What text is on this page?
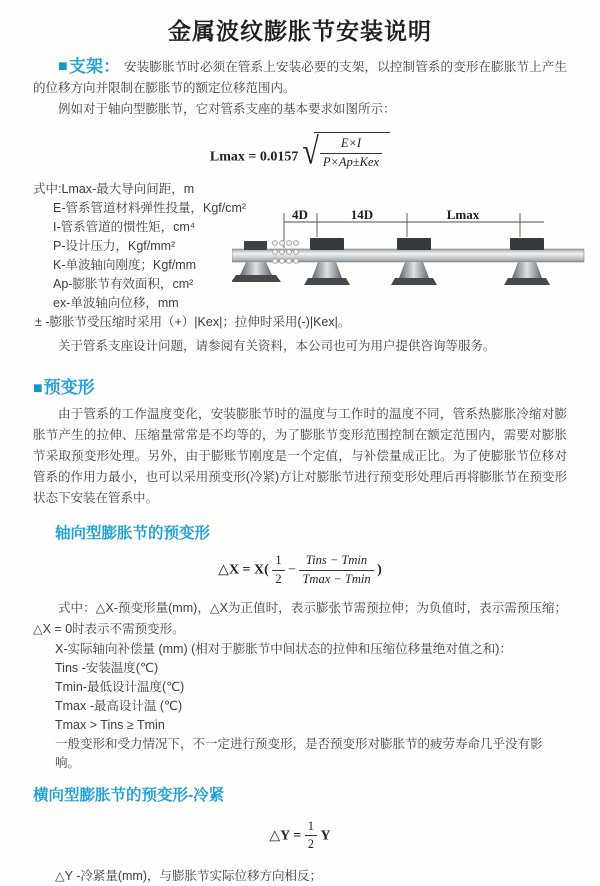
金属波纹膨胀节安装说明

■支架： 安装膨胀节时必须在管系上安装必要的支架，以控制管系的变形在膨胀节上产生的位移方向并限制在膨胀节的额定位移范围内。

例如对于轴向型膨胀节，它对管系支座的基本要求如图所示：

Lmax = 0.0157 √ $\frac{E\times I}{\text{P×Ap±Kex}}$
式中:Lmax-最大导向间距，m
E-管系管道材料弹性投量，Kgf/cm²
I-管系管道的惯性矩，cm⁴
P-设计压力，Kgf/mm²
K-单波轴向刚度；Kgf/mm
Ap-膨胀节有效面积，cm²
ex-单波轴向位移，mm
± -膨胀节受压缩时采用（+）|Kex|；拉伸时采用(-)|Kex|。
4D	14D	Lmax

关于管系支座设计问题，请参阅有关资料，本公司也可为用户提供咨询等服务。

■预变形

由于管系的工作温度变化，安装膨胀节时的温度与工作时的温度不同，管系热膨胀冷缩对膨胀节产生的拉伸、压缩量常常是不均等的，为了膨胀节变形范围控制在额定范围内，需要对膨胀节采取预变形处理。另外，由于膨账节刚度是一个定值，与补偿量成正比。为了使膨胀节位移对管系的作用力最小，也可以采用预变形(冷紧)方让对膨胀节进行预变形处理后再将膨胀节在预变形状态下安装在管系中。

轴向型膨胀节的预变形
△X = $X( \frac{1}{2} - \frac{\text{Tins − Tmin}}{Tmax - Tmin}$ )

式中：△X-预变形量(mm)，△X为正值时，表示膨张节需预拉伸；为负值时，表示需预压缩；△X = 0时表示不需预变形。

X-实际轴向补偿量 (mm) (相对于膨胀节中间状态的拉伸和压缩位移量绝对值之和)：
Tins -安装温度(℃)
Tmin-最低设计温度(℃)
Tmax -最高设计温 (℃)
Tmax > Tins ≥ Tmin
一般变形和受力情况下，不一定进行预变形，是否预变形对膨胀节的疲劳寿命几乎没有影响。
横向型膨胀节的预变形-冷紧
△Y = $\frac{1}{2}$ Y
△Y -冷紧量(mm)，与膨胀节实际位移方向相反；
